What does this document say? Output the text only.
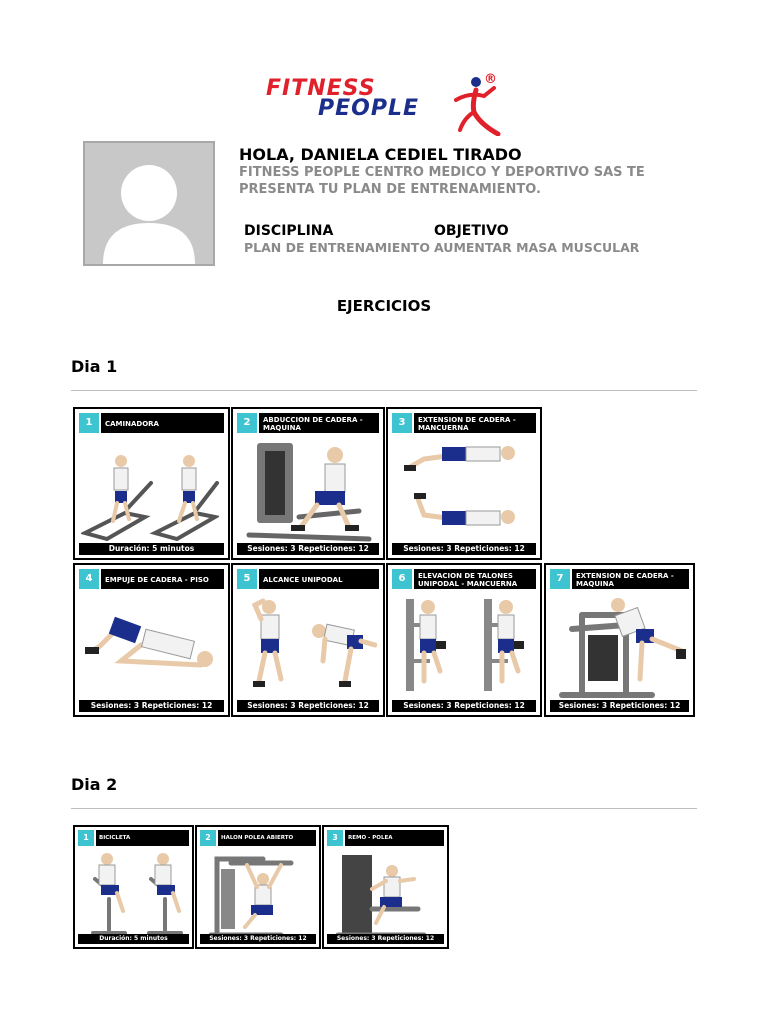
FITNESS
PEOPLE
®
HOLA, DANIELA CEDIEL TIRADO
FITNESS PEOPLE CENTRO MEDICO Y DEPORTIVO SAS TE PRESENTA TU PLAN DE ENTRENAMIENTO.
DISCIPLINA
PLAN DE ENTRENAMIENTO
OBJETIVO
AUMENTAR MASA MUSCULAR
EJERCICIOS
Dia 1
1	CAMINADORA
Duración: 5 minutos
2	ABDUCCION DE CADERA - MAQUINA
Sesiones: 3 Repeticiones: 12
3	EXTENSION DE CADERA - MANCUERNA
Sesiones: 3 Repeticiones: 12
4	EMPUJE DE CADERA - PISO
Sesiones: 3 Repeticiones: 12
5	ALCANCE UNIPODAL
Sesiones: 3 Repeticiones: 12
6	ELEVACION DE TALONES UNIPODAL - MANCUERNA
Sesiones: 3 Repeticiones: 12
7	EXTENSION DE CADERA - MAQUINA
Sesiones: 3 Repeticiones: 12
Dia 2
1	BICICLETA
Duración: 5 minutos
2	HALON POLEA ABIERTO
Sesiones: 3 Repeticiones: 12
3	REMO - POLEA
Sesiones: 3 Repeticiones: 12
